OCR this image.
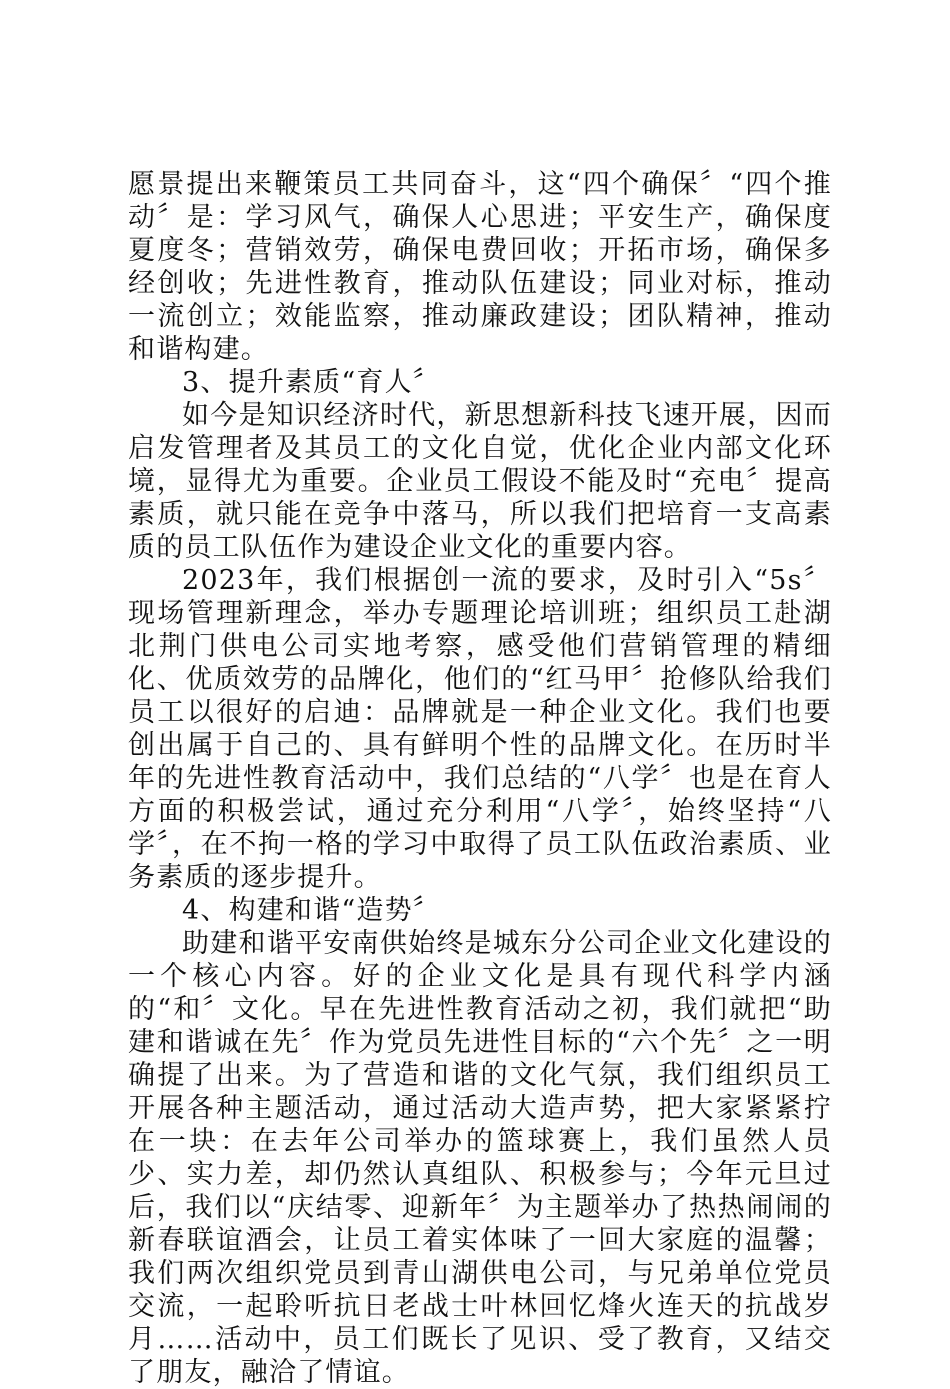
愿景提出来鞭策员工共同奋斗，这“四个确保〞“四个推动〞是：学习风气，确保人心思进；平安生产，确保度夏度冬；营销效劳，确保电费回收；开拓市场，确保多经创收；先进性教育，推动队伍建设；同业对标，推动一流创立；效能监察，推动廉政建设；团队精神，推动和谐构建。

3、提升素质“育人〞

如今是知识经济时代，新思想新科技飞速开展，因而启发管理者及其员工的文化自觉，优化企业内部文化环境，显得尤为重要。企业员工假设不能及时“充电〞提高素质，就只能在竞争中落马，所以我们把培育一支高素质的员工队伍作为建设企业文化的重要内容。

2023年，我们根据创一流的要求，及时引入“5s〞现场管理新理念，举办专题理论培训班；组织员工赴湖北荆门供电公司实地考察，感受他们营销管理的精细化、优质效劳的品牌化，他们的“红马甲〞抢修队给我们员工以很好的启迪：品牌就是一种企业文化。我们也要创出属于自己的、具有鲜明个性的品牌文化。在历时半年的先进性教育活动中，我们总结的“八学〞也是在育人方面的积极尝试，通过充分利用“八学〞，始终坚持“八学〞，在不拘一格的学习中取得了员工队伍政治素质、业务素质的逐步提升。

4、构建和谐“造势〞

助建和谐平安南供始终是城东分公司企业文化建设的一个核心内容。好的企业文化是具有现代科学内涵的“和〞文化。早在先进性教育活动之初，我们就把“助建和谐诚在先〞作为党员先进性目标的“六个先〞之一明确提了出来。为了营造和谐的文化气氛，我们组织员工开展各种主题活动，通过活动大造声势，把大家紧紧拧在一块：在去年公司举办的篮球赛上，我们虽然人员少、实力差，却仍然认真组队、积极参与；今年元旦过后，我们以“庆结零、迎新年〞为主题举办了热热闹闹的新春联谊酒会，让员工着实体味了一回大家庭的温馨；我们两次组织党员到青山湖供电公司，与兄弟单位党员交流，一起聆听抗日老战士叶林回忆烽火连天的抗战岁月……活动中，员工们既长了见识、受了教育，又结交了朋友，融洽了情谊。
